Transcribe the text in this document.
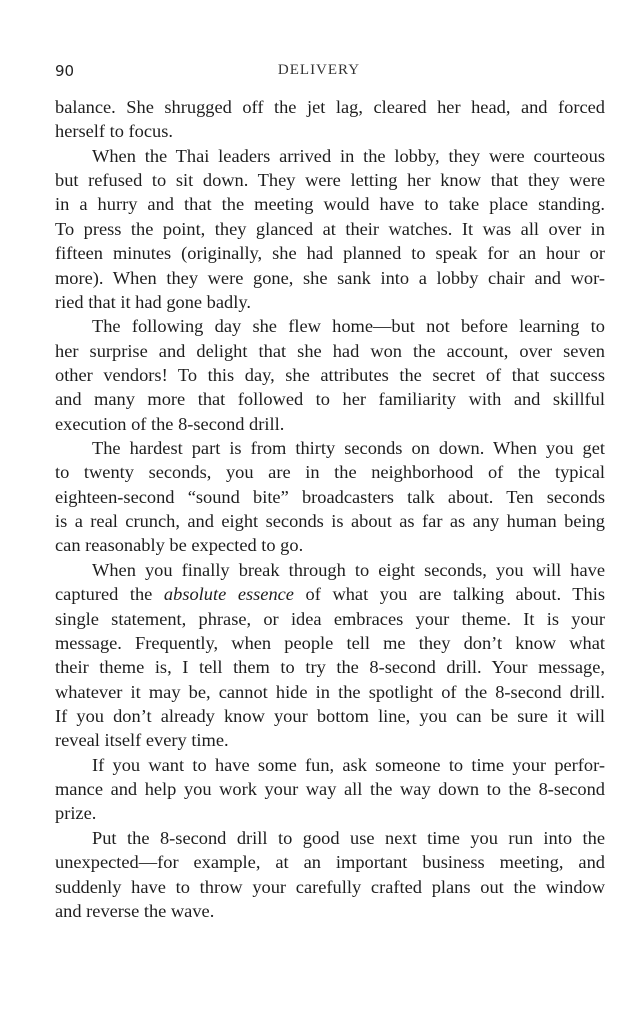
90	DELIVERY
balance. She shrugged off the jet lag, cleared her head, and forced
herself to focus.
When the Thai leaders arrived in the lobby, they were courteous
but refused to sit down. They were letting her know that they were
in a hurry and that the meeting would have to take place standing.
To press the point, they glanced at their watches. It was all over in
fifteen minutes (originally, she had planned to speak for an hour or
more). When they were gone, she sank into a lobby chair and wor-
ried that it had gone badly.
The following day she flew home—but not before learning to
her surprise and delight that she had won the account, over seven
other vendors! To this day, she attributes the secret of that success
and many more that followed to her familiarity with and skillful
execution of the 8-second drill.
The hardest part is from thirty seconds on down. When you get
to twenty seconds, you are in the neighborhood of the typical
eighteen-second “sound bite” broadcasters talk about. Ten seconds
is a real crunch, and eight seconds is about as far as any human being
can reasonably be expected to go.
When you finally break through to eight seconds, you will have
captured the absolute essence of what you are talking about. This
single statement, phrase, or idea embraces your theme. It is your
message. Frequently, when people tell me they don’t know what
their theme is, I tell them to try the 8-second drill. Your message,
whatever it may be, cannot hide in the spotlight of the 8-second drill.
If you don’t already know your bottom line, you can be sure it will
reveal itself every time.
If you want to have some fun, ask someone to time your perfor-
mance and help you work your way all the way down to the 8-second
prize.
Put the 8-second drill to good use next time you run into the
unexpected—for example, at an important business meeting, and
suddenly have to throw your carefully crafted plans out the window
and reverse the wave.
